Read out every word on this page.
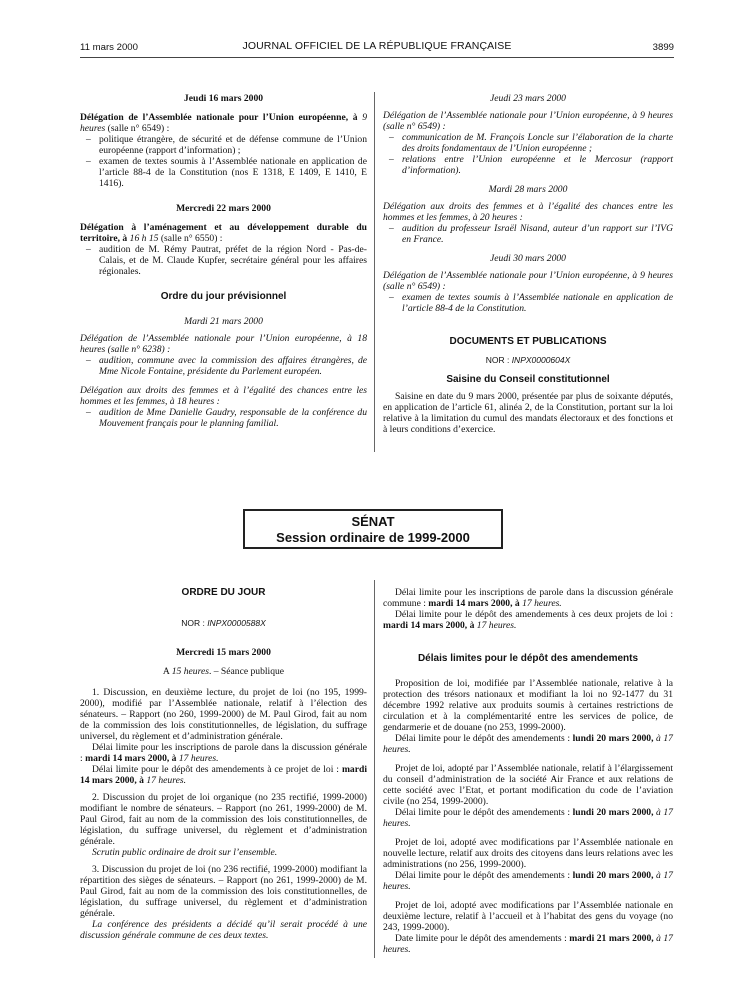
11 mars 2000	JOURNAL OFFICIEL DE LA RÉPUBLIQUE FRANÇAISE	3899
Jeudi 16 mars 2000

Délégation de l’Assemblée nationale pour l’Union européenne, à 9 heures (salle n° 6549) :

– politique étrangère, de sécurité et de défense commune de l’Union européenne (rapport d’information) ;
– examen de textes soumis à l’Assemblée nationale en application de l’article 88-4 de la Constitution (nos E 1318, E 1409, E 1410, E 1416).
Mercredi 22 mars 2000

Délégation à l’aménagement et au développement durable du territoire, à 16 h 15 (salle n° 6550) :

– audition de M. Rémy Pautrat, préfet de la région Nord - Pas-de-Calais, et de M. Claude Kupfer, secrétaire général pour les affaires régionales.
Ordre du jour prévisionnel
Mardi 21 mars 2000

Délégation de l’Assemblée nationale pour l’Union européenne, à 18 heures (salle n° 6238) :

– audition, commune avec la commission des affaires étrangères, de Mme Nicole Fontaine, présidente du Parlement européen.

Délégation aux droits des femmes et à l’égalité des chances entre les hommes et les femmes, à 18 heures :

– audition de Mme Danielle Gaudry, responsable de la conférence du Mouvement français pour le planning familial.
Jeudi 23 mars 2000

Délégation de l’Assemblée nationale pour l’Union européenne, à 9 heures (salle n° 6549) :

– communication de M. François Loncle sur l’élaboration de la charte des droits fondamentaux de l’Union européenne ;
– relations entre l’Union européenne et le Mercosur (rapport d’information).
Mardi 28 mars 2000

Délégation aux droits des femmes et à l’égalité des chances entre les hommes et les femmes, à 20 heures :

– audition du professeur Israël Nisand, auteur d’un rapport sur l’IVG en France.
Jeudi 30 mars 2000

Délégation de l’Assemblée nationale pour l’Union européenne, à 9 heures (salle n° 6549) :

– examen de textes soumis à l’Assemblée nationale en application de l’article 88-4 de la Constitution.
DOCUMENTS ET PUBLICATIONS
NOR : INPX0000604X
Saisine du Conseil constitutionnel

Saisine en date du 9 mars 2000, présentée par plus de soixante députés, en application de l’article 61, alinéa 2, de la Constitution, portant sur la loi relative à la limitation du cumul des mandats électoraux et des fonctions et à leurs conditions d’exercice.

SÉNAT
Session ordinaire de 1999-2000
ORDRE DU JOUR
NOR : INPX0000588X
Mercredi 15 mars 2000

A 15 heures. – Séance publique

1. Discussion, en deuxième lecture, du projet de loi (no 195, 1999-2000), modifié par l’Assemblée nationale, relatif à l’élection des sénateurs. – Rapport (no 260, 1999-2000) de M. Paul Girod, fait au nom de la commission des lois constitutionnelles, de législation, du suffrage universel, du règlement et d’administration générale.

Délai limite pour les inscriptions de parole dans la discussion générale : mardi 14 mars 2000, à 17 heures.

Délai limite pour le dépôt des amendements à ce projet de loi : mardi 14 mars 2000, à 17 heures.

2. Discussion du projet de loi organique (no 235 rectifié, 1999-2000) modifiant le nombre de sénateurs. – Rapport (no 261, 1999-2000) de M. Paul Girod, fait au nom de la commission des lois constitutionnelles, de législation, du suffrage universel, du règlement et d’administration générale.

Scrutin public ordinaire de droit sur l’ensemble.

3. Discussion du projet de loi (no 236 rectifié, 1999-2000) modifiant la répartition des sièges de sénateurs. – Rapport (no 261, 1999-2000) de M. Paul Girod, fait au nom de la commission des lois constitutionnelles, de législation, du suffrage universel, du règlement et d’administration générale.

La conférence des présidents a décidé qu’il serait procédé à une discussion générale commune de ces deux textes.

Délai limite pour les inscriptions de parole dans la discussion générale commune : mardi 14 mars 2000, à 17 heures.

Délai limite pour le dépôt des amendements à ces deux projets de loi : mardi 14 mars 2000, à 17 heures.

Délais limites pour le dépôt des amendements

Proposition de loi, modifiée par l’Assemblée nationale, relative à la protection des trésors nationaux et modifiant la loi no 92-1477 du 31 décembre 1992 relative aux produits soumis à certaines restrictions de circulation et à la complémentarité entre les services de police, de gendarmerie et de douane (no 253, 1999-2000).

Délai limite pour le dépôt des amendements : lundi 20 mars 2000, à 17 heures.

Projet de loi, adopté par l’Assemblée nationale, relatif à l’élargissement du conseil d’administration de la société Air France et aux relations de cette société avec l’Etat, et portant modification du code de l’aviation civile (no 254, 1999-2000).

Délai limite pour le dépôt des amendements : lundi 20 mars 2000, à 17 heures.

Projet de loi, adopté avec modifications par l’Assemblée nationale en nouvelle lecture, relatif aux droits des citoyens dans leurs relations avec les administrations (no 256, 1999-2000).

Délai limite pour le dépôt des amendements : lundi 20 mars 2000, à 17 heures.

Projet de loi, adopté avec modifications par l’Assemblée nationale en deuxième lecture, relatif à l’accueil et à l’habitat des gens du voyage (no 243, 1999-2000).

Date limite pour le dépôt des amendements : mardi 21 mars 2000, à 17 heures.
